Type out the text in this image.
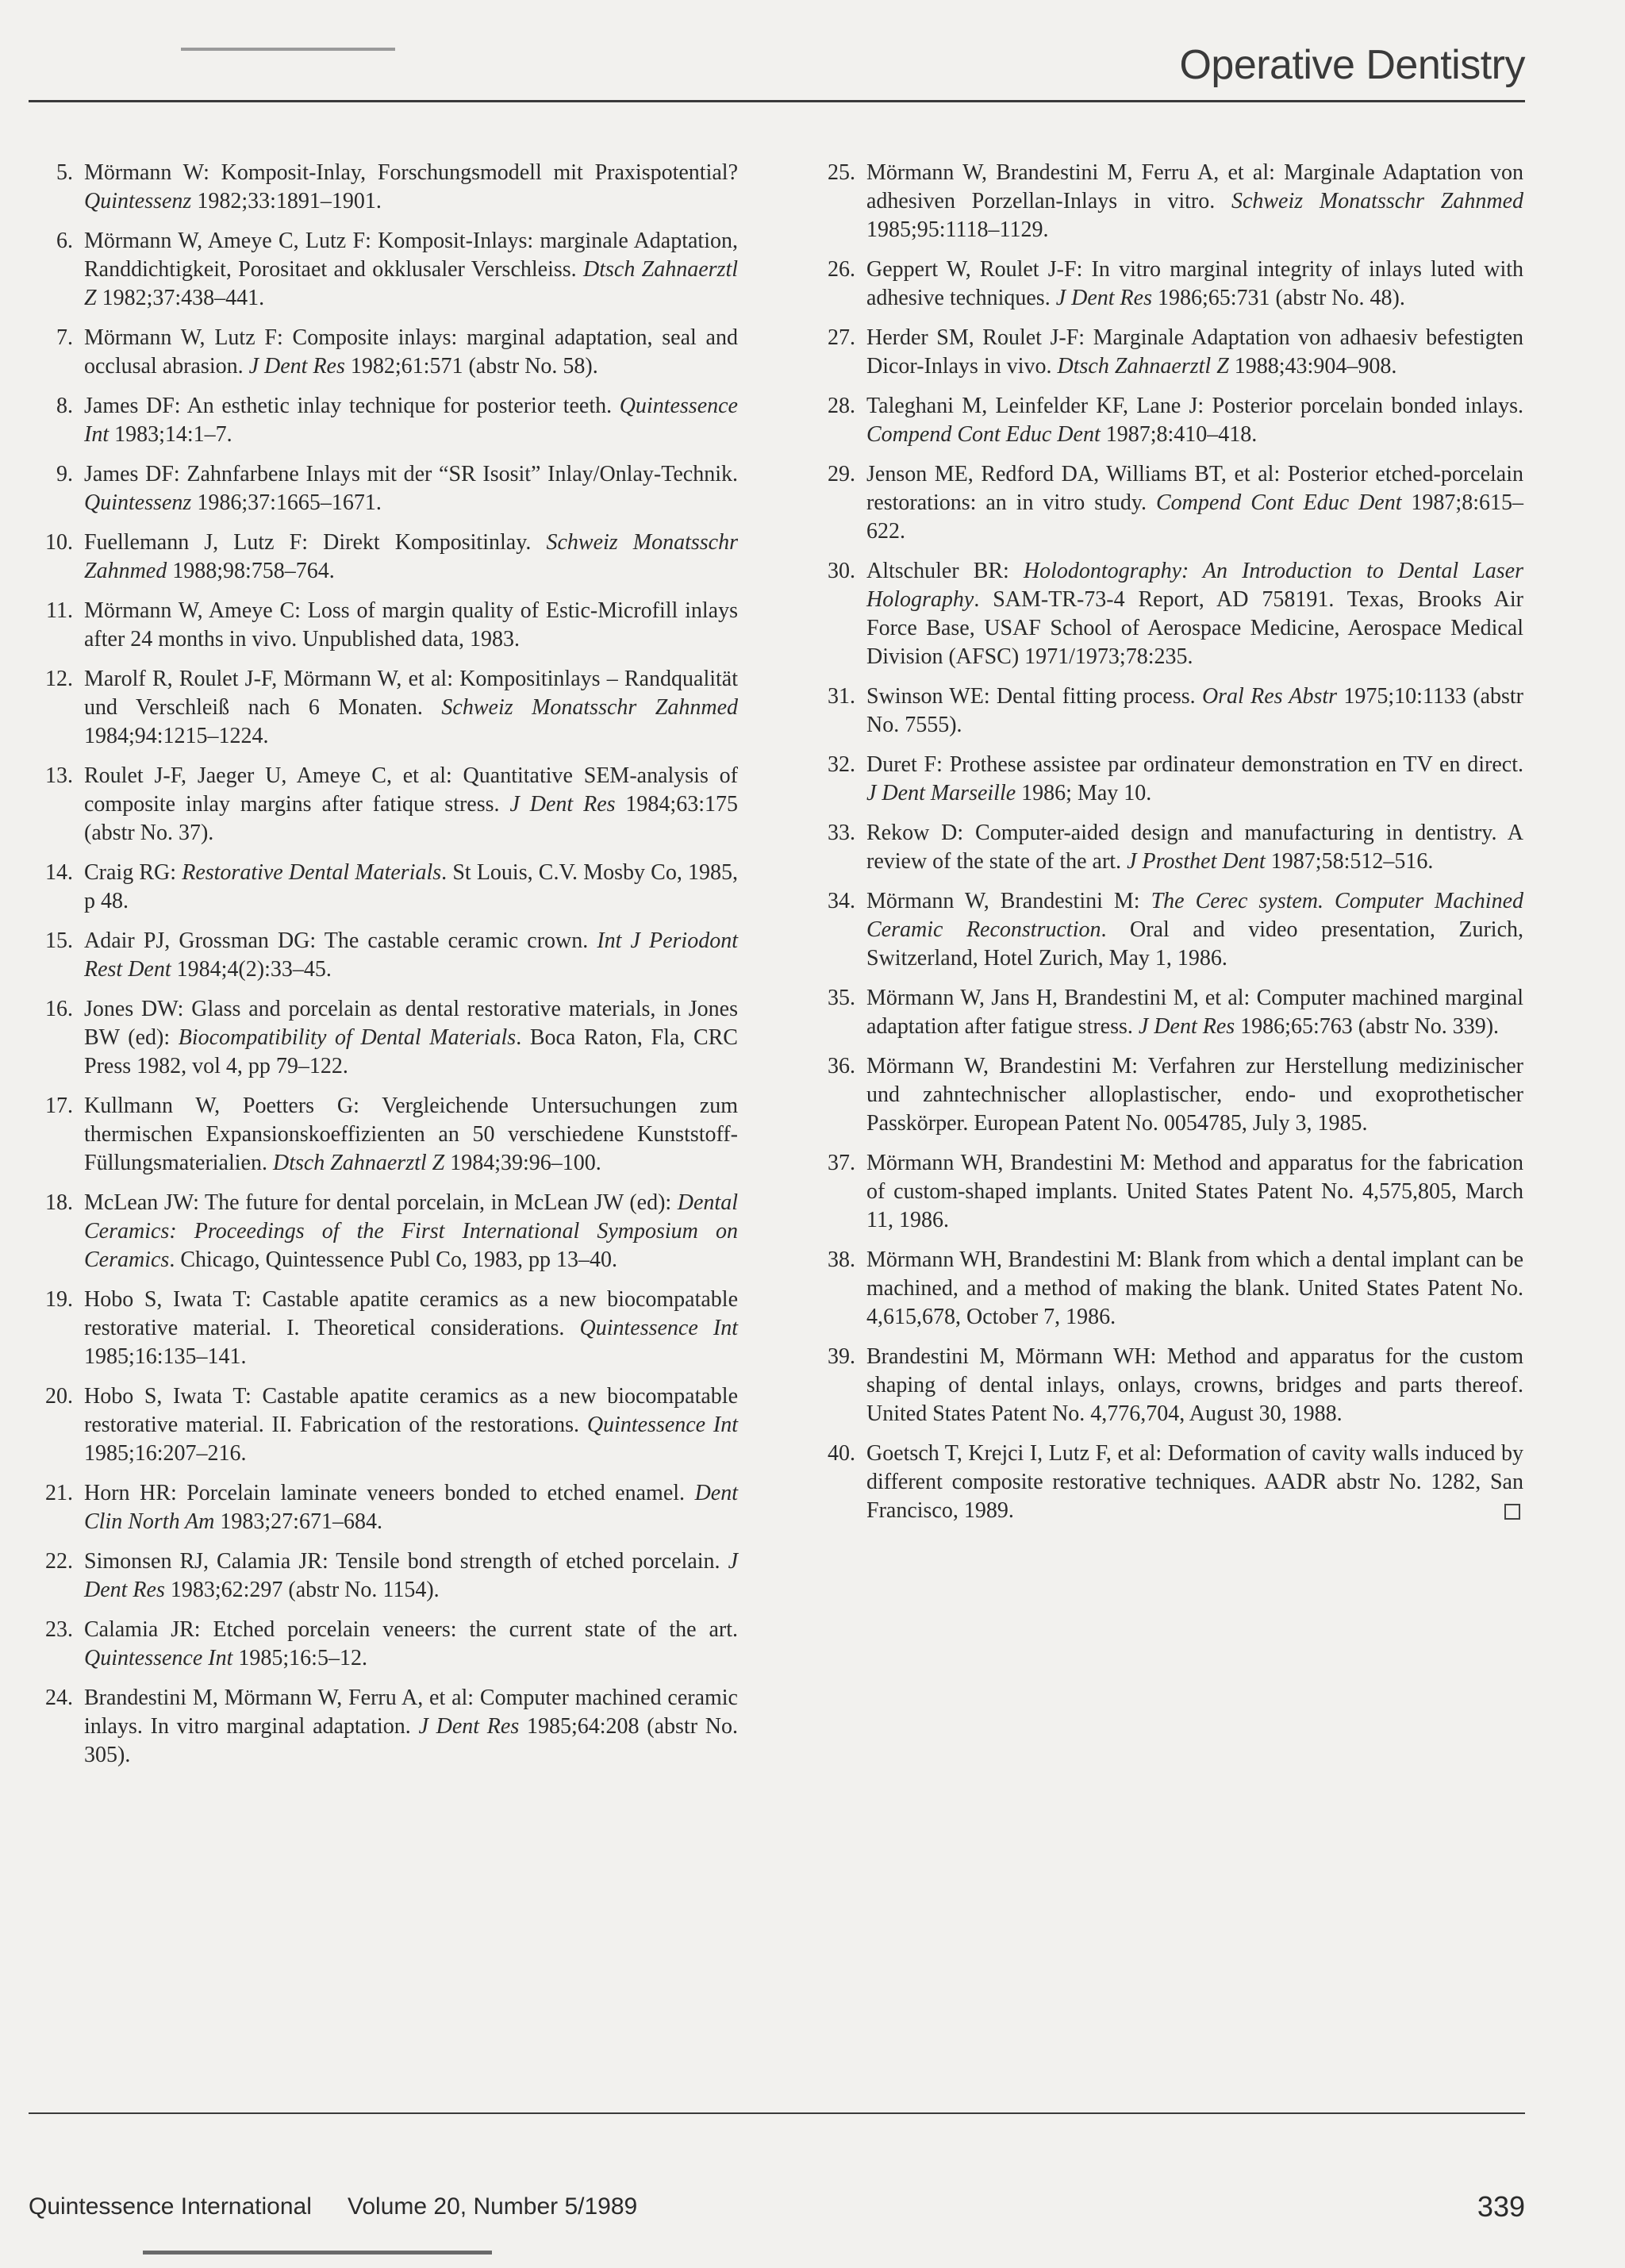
Operative Dentistry
5. Mörmann W: Komposit-Inlay, Forschungsmodell mit Praxispotential? Quintessenz 1982;33:1891–1901.
6. Mörmann W, Ameye C, Lutz F: Komposit-Inlays: marginale Adaptation, Randdichtigkeit, Porositaet and okklusaler Verschleiss. Dtsch Zahnaerztl Z 1982;37:438–441.
7. Mörmann W, Lutz F: Composite inlays: marginal adaptation, seal and occlusal abrasion. J Dent Res 1982;61:571 (abstr No. 58).
8. James DF: An esthetic inlay technique for posterior teeth. Quintessence Int 1983;14:1–7.
9. James DF: Zahnfarbene Inlays mit der “SR Isosit” Inlay/Onlay-Technik. Quintessenz 1986;37:1665–1671.
10. Fuellemann J, Lutz F: Direkt Kompositinlay. Schweiz Monatsschr Zahnmed 1988;98:758–764.
11. Mörmann W, Ameye C: Loss of margin quality of Estic-Microfill inlays after 24 months in vivo. Unpublished data, 1983.
12. Marolf R, Roulet J-F, Mörmann W, et al: Kompositinlays – Randqualität und Verschleiß nach 6 Monaten. Schweiz Monatsschr Zahnmed 1984;94:1215–1224.
13. Roulet J-F, Jaeger U, Ameye C, et al: Quantitative SEM-analysis of composite inlay margins after fatique stress. J Dent Res 1984;63:175 (abstr No. 37).
14. Craig RG: Restorative Dental Materials. St Louis, C.V. Mosby Co, 1985, p 48.
15. Adair PJ, Grossman DG: The castable ceramic crown. Int J Periodont Rest Dent 1984;4(2):33–45.
16. Jones DW: Glass and porcelain as dental restorative materials, in Jones BW (ed): Biocompatibility of Dental Materials. Boca Raton, Fla, CRC Press 1982, vol 4, pp 79–122.
17. Kullmann W, Poetters G: Vergleichende Untersuchungen zum thermischen Expansionskoeffizienten an 50 verschiedene Kunststoff-Füllungsmaterialien. Dtsch Zahnaerztl Z 1984;39:96–100.
18. McLean JW: The future for dental porcelain, in McLean JW (ed): Dental Ceramics: Proceedings of the First International Symposium on Ceramics. Chicago, Quintessence Publ Co, 1983, pp 13–40.
19. Hobo S, Iwata T: Castable apatite ceramics as a new biocompatable restorative material. I. Theoretical considerations. Quintessence Int 1985;16:135–141.
20. Hobo S, Iwata T: Castable apatite ceramics as a new biocompatable restorative material. II. Fabrication of the restorations. Quintessence Int 1985;16:207–216.
21. Horn HR: Porcelain laminate veneers bonded to etched enamel. Dent Clin North Am 1983;27:671–684.
22. Simonsen RJ, Calamia JR: Tensile bond strength of etched porcelain. J Dent Res 1983;62:297 (abstr No. 1154).
23. Calamia JR: Etched porcelain veneers: the current state of the art. Quintessence Int 1985;16:5–12.
24. Brandestini M, Mörmann W, Ferru A, et al: Computer machined ceramic inlays. In vitro marginal adaptation. J Dent Res 1985;64:208 (abstr No. 305).
25. Mörmann W, Brandestini M, Ferru A, et al: Marginale Adaptation von adhesiven Porzellan-Inlays in vitro. Schweiz Monatsschr Zahnmed 1985;95:1118–1129.
26. Geppert W, Roulet J-F: In vitro marginal integrity of inlays luted with adhesive techniques. J Dent Res 1986;65:731 (abstr No. 48).
27. Herder SM, Roulet J-F: Marginale Adaptation von adhaesiv befestigten Dicor-Inlays in vivo. Dtsch Zahnaerztl Z 1988;43:904–908.
28. Taleghani M, Leinfelder KF, Lane J: Posterior porcelain bonded inlays. Compend Cont Educ Dent 1987;8:410–418.
29. Jenson ME, Redford DA, Williams BT, et al: Posterior etched-porcelain restorations: an in vitro study. Compend Cont Educ Dent 1987;8:615–622.
30. Altschuler BR: Holodontography: An Introduction to Dental Laser Holography. SAM-TR-73-4 Report, AD 758191. Texas, Brooks Air Force Base, USAF School of Aerospace Medicine, Aerospace Medical Division (AFSC) 1971/1973;78:235.
31. Swinson WE: Dental fitting process. Oral Res Abstr 1975;10:1133 (abstr No. 7555).
32. Duret F: Prothese assistee par ordinateur demonstration en TV en direct. J Dent Marseille 1986; May 10.
33. Rekow D: Computer-aided design and manufacturing in dentistry. A review of the state of the art. J Prosthet Dent 1987;58:512–516.
34. Mörmann W, Brandestini M: The Cerec system. Computer Machined Ceramic Reconstruction. Oral and video presentation, Zurich, Switzerland, Hotel Zurich, May 1, 1986.
35. Mörmann W, Jans H, Brandestini M, et al: Computer machined marginal adaptation after fatigue stress. J Dent Res 1986;65:763 (abstr No. 339).
36. Mörmann W, Brandestini M: Verfahren zur Herstellung medizinischer und zahntechnischer alloplastischer, endo- und exoprothetischer Passkörper. European Patent No. 0054785, July 3, 1985.
37. Mörmann WH, Brandestini M: Method and apparatus for the fabrication of custom-shaped implants. United States Patent No. 4,575,805, March 11, 1986.
38. Mörmann WH, Brandestini M: Blank from which a dental implant can be machined, and a method of making the blank. United States Patent No. 4,615,678, October 7, 1986.
39. Brandestini M, Mörmann WH: Method and apparatus for the custom shaping of dental inlays, onlays, crowns, bridges and parts thereof. United States Patent No. 4,776,704, August 30, 1988.
40. Goetsch T, Krejci I, Lutz F, et al: Deformation of cavity walls induced by different composite restorative techniques. AADR abstr No. 1282, San Francisco, 1989.
Quintessence International Volume 20, Number 5/1989	339
